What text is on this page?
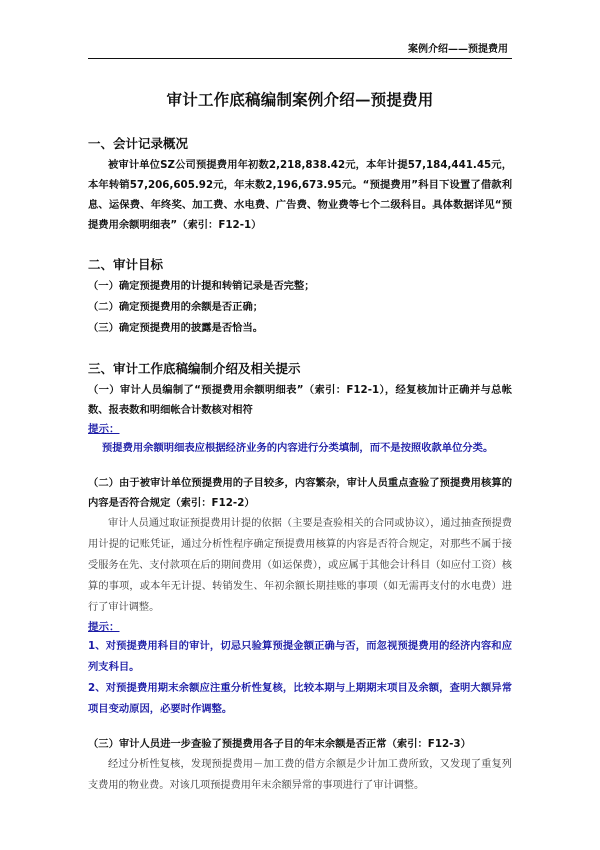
案例介绍——预提费用
审计工作底稿编制案例介绍—预提费用
一、会计记录概况

被审计单位SZ公司预提费用年初数2,218,838.42元，本年计提57,184,441.45元，本年转销57,206,605.92元，年末数2,196,673.95元。“预提费用”科目下设置了借款利息、运保费、年终奖、加工费、水电费、广告费、物业费等七个二级科目。具体数据详见“预提费用余额明细表”（索引：F12-1）

二、审计目标

（一）确定预提费用的计提和转销记录是否完整；

（二）确定预提费用的余额是否正确；

（三）确定预提费用的披露是否恰当。

三、审计工作底稿编制介绍及相关提示

（一）审计人员编制了“预提费用余额明细表”（索引：F12-1），经复核加计正确并与总帐数、报表数和明细帐合计数核对相符

提示：

预提费用余额明细表应根据经济业务的内容进行分类填制，而不是按照收款单位分类。

（二）由于被审计单位预提费用的子目较多，内容繁杂，审计人员重点查验了预提费用核算的内容是否符合规定（索引：F12-2）

审计人员通过取证预提费用计提的依据（主要是查验相关的合同或协议），通过抽查预提费用计提的记账凭证，通过分析性程序确定预提费用核算的内容是否符合规定，对那些不属于接受服务在先、支付款项在后的期间费用（如运保费），或应属于其他会计科目（如应付工资）核算的事项，或本年无计提、转销发生、年初余额长期挂账的事项（如无需再支付的水电费）进行了审计调整。

提示：

1、对预提费用科目的审计，切忌只验算预提金额正确与否，而忽视预提费用的经济内容和应列支科目。

2、对预提费用期末余额应注重分析性复核，比较本期与上期期末项目及余额，查明大额异常项目变动原因，必要时作调整。

（三）审计人员进一步查验了预提费用各子目的年末余额是否正常（索引：F12-3）

经过分析性复核，发现预提费用－加工费的借方余额是少计加工费所致，又发现了重复列支费用的物业费。对该几项预提费用年末余额异常的事项进行了审计调整。
